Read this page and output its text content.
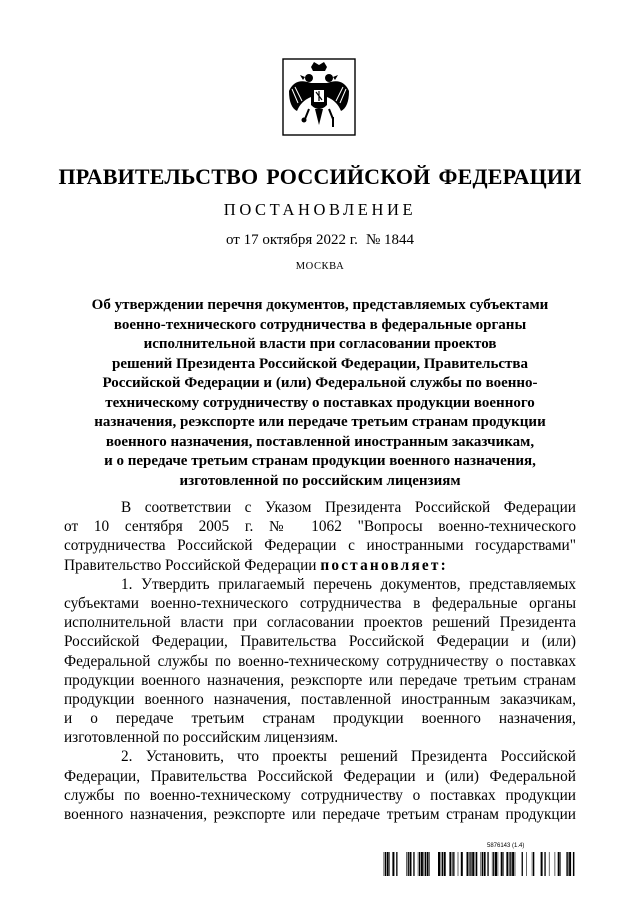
ПРАВИТЕЛЬСТВО РОССИЙСКОЙ ФЕДЕРАЦИИ
ПОСТАНОВЛЕНИЕ
от 17 октября 2022 г. № 1844
МОСКВА
Об утверждении перечня документов, представляемых субъектами
военно-технического сотрудничества в федеральные органы
исполнительной власти при согласовании проектов
решений Президента Российской Федерации, Правительства
Российской Федерации и (или) Федеральной службы по военно-
техническому сотрудничеству о поставках продукции военного
назначения, реэкспорте или передаче третьим странам продукции
военного назначения, поставленной иностранным заказчикам,
и о передаче третьим странам продукции военного назначения,
изготовленной по российским лицензиям
В соответствии с Указом Президента Российской Федерации
от 10 сентября 2005 г. № 1062 "Вопросы военно-технического
сотрудничества Российской Федерации с иностранными государствами"
Правительство Российской Федерации постановляет:
1. Утвердить прилагаемый перечень документов, представляемых
субъектами военно-технического сотрудничества в федеральные органы
исполнительной власти при согласовании проектов решений Президента
Российской Федерации, Правительства Российской Федерации и (или)
Федеральной службы по военно-техническому сотрудничеству о поставках
продукции военного назначения, реэкспорте или передаче третьим странам
продукции военного назначения, поставленной иностранным заказчикам,
и о передаче третьим странам продукции военного назначения,
изготовленной по российским лицензиям.
2. Установить, что проекты решений Президента Российской
Федерации, Правительства Российской Федерации и (или) Федеральной
службы по военно-техническому сотрудничеству о поставках продукции
военного назначения, реэкспорте или передаче третьим странам продукции
5876143 (1.4)
